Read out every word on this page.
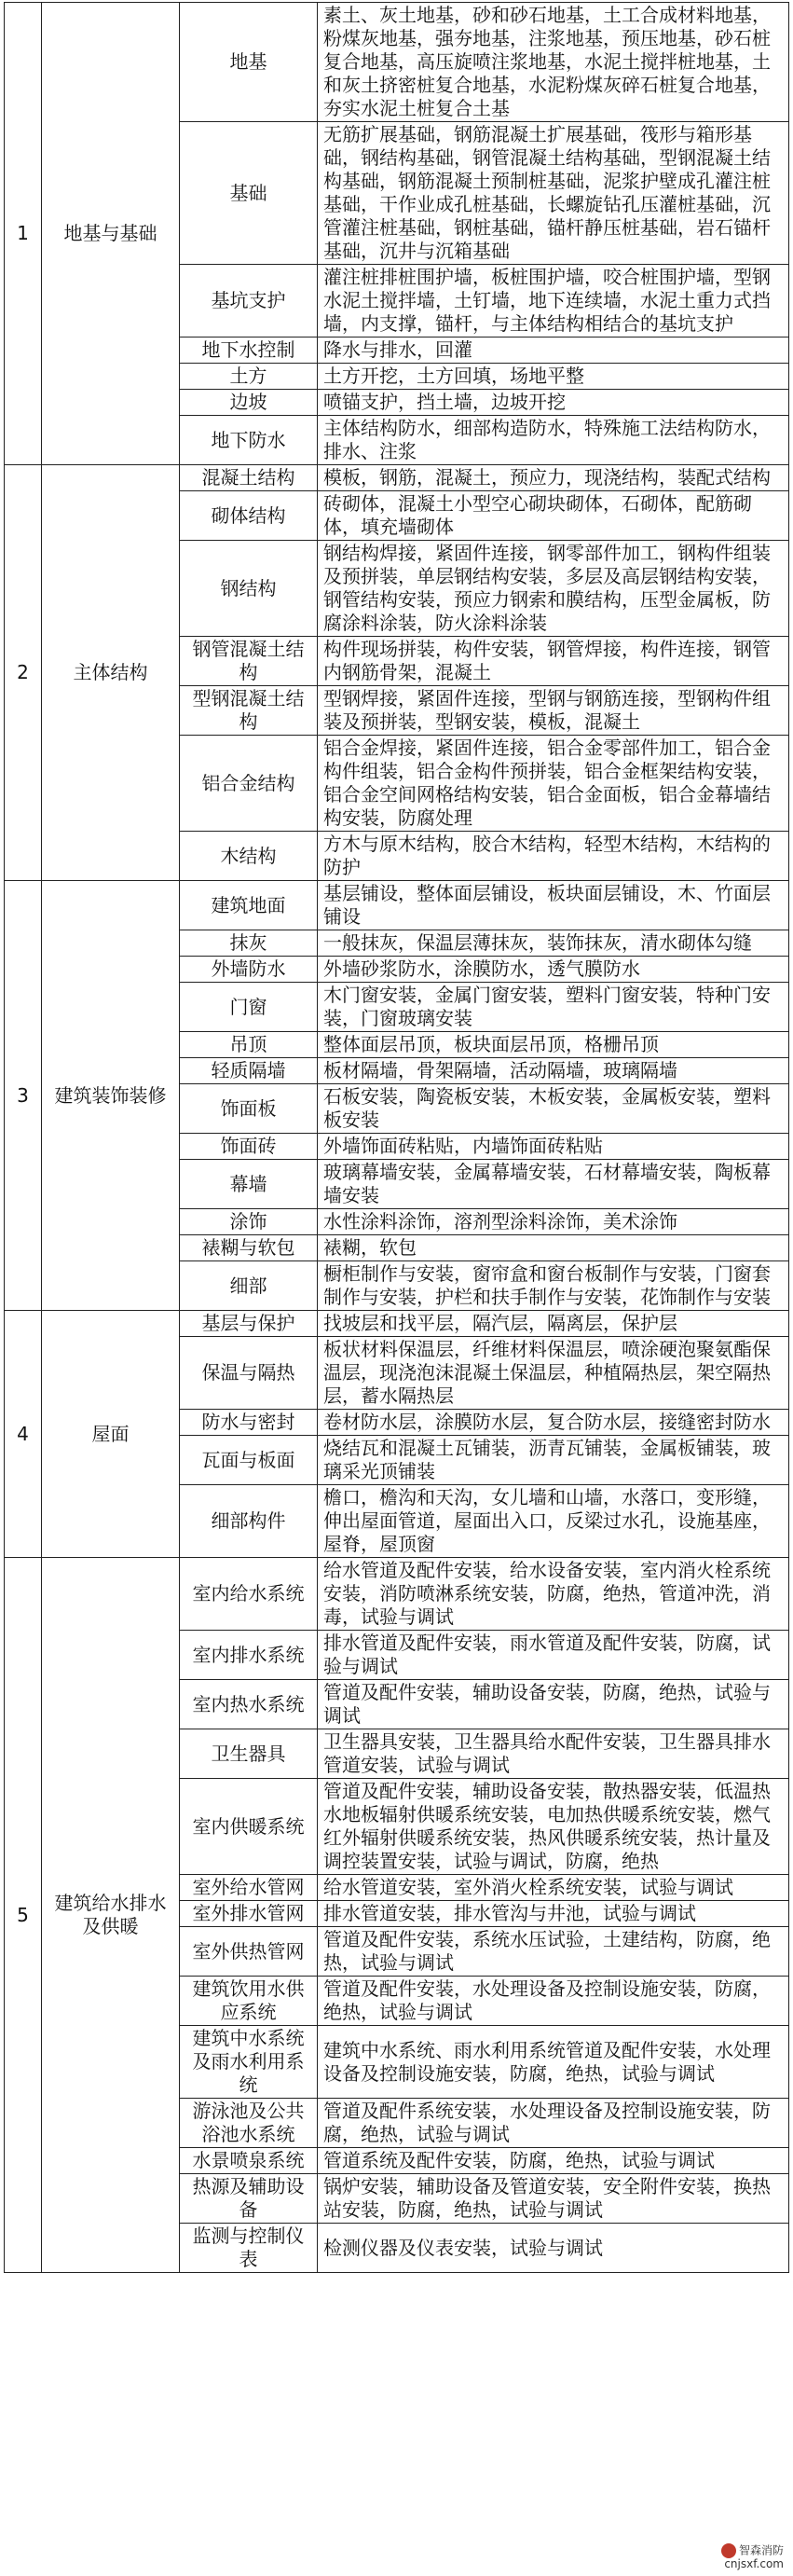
1	地基与基础	地基	素土、灰土地基，砂和砂石地基，土工合成材料地基，粉煤灰地基，强夯地基，注浆地基，预压地基，砂石桩复合地基，高压旋喷注浆地基，水泥土搅拌桩地基，土和灰土挤密桩复合地基，水泥粉煤灰碎石桩复合地基，夯实水泥土桩复合土基
		基础	无筋扩展基础，钢筋混凝土扩展基础，筏形与箱形基础，钢结构基础，钢管混凝土结构基础，型钢混凝土结构基础，钢筋混凝土预制桩基础，泥浆护壁成孔灌注桩基础，干作业成孔桩基础，长螺旋钻孔压灌桩基础，沉管灌注桩基础，钢桩基础，锚杆静压桩基础，岩石锚杆基础，沉井与沉箱基础
		基坑支护	灌注桩排桩围护墙，板桩围护墙，咬合桩围护墙，型钢水泥土搅拌墙，土钉墙，地下连续墙，水泥土重力式挡墙，内支撑，锚杆，与主体结构相结合的基坑支护
		地下水控制	降水与排水，回灌
		土方	土方开挖，土方回填，场地平整
		边坡	喷锚支护，挡土墙，边坡开挖
		地下防水	主体结构防水，细部构造防水，特殊施工法结构防水，排水、注浆
2	主体结构	混凝土结构	模板，钢筋，混凝土，预应力，现浇结构，装配式结构
		砌体结构	砖砌体，混凝土小型空心砌块砌体，石砌体，配筋砌体，填充墙砌体
		钢结构	钢结构焊接，紧固件连接，钢零部件加工，钢构件组装及预拼装，单层钢结构安装，多层及高层钢结构安装，钢管结构安装，预应力钢索和膜结构，压型金属板，防腐涂料涂装，防火涂料涂装
		钢管混凝土结构	构件现场拼装，构件安装，钢管焊接，构件连接，钢管内钢筋骨架，混凝土
		型钢混凝土结构	型钢焊接，紧固件连接，型钢与钢筋连接，型钢构件组装及预拼装，型钢安装，模板，混凝土
		铝合金结构	铝合金焊接，紧固件连接，铝合金零部件加工，铝合金构件组装，铝合金构件预拼装，铝合金框架结构安装，铝合金空间网格结构安装，铝合金面板，铝合金幕墙结构安装，防腐处理
		木结构	方木与原木结构，胶合木结构，轻型木结构，木结构的防护
3	建筑装饰装修	建筑地面	基层铺设，整体面层铺设，板块面层铺设，木、竹面层铺设
		抹灰	一般抹灰，保温层薄抹灰，装饰抹灰，清水砌体勾缝
		外墙防水	外墙砂浆防水，涂膜防水，透气膜防水
		门窗	木门窗安装，金属门窗安装，塑料门窗安装，特种门安装，门窗玻璃安装
		吊顶	整体面层吊顶，板块面层吊顶，格栅吊顶
		轻质隔墙	板材隔墙，骨架隔墙，活动隔墙，玻璃隔墙
		饰面板	石板安装，陶瓷板安装，木板安装，金属板安装，塑料板安装
		饰面砖	外墙饰面砖粘贴，内墙饰面砖粘贴
		幕墙	玻璃幕墙安装，金属幕墙安装，石材幕墙安装，陶板幕墙安装
		涂饰	水性涂料涂饰，溶剂型涂料涂饰，美术涂饰
		裱糊与软包	裱糊，软包
		细部	橱柜制作与安装，窗帘盒和窗台板制作与安装，门窗套制作与安装，护栏和扶手制作与安装，花饰制作与安装
4	屋面	基层与保护	找坡层和找平层，隔汽层，隔离层，保护层
		保温与隔热	板状材料保温层，纤维材料保温层，喷涂硬泡聚氨酯保温层，现浇泡沫混凝土保温层，种植隔热层，架空隔热层，蓄水隔热层
		防水与密封	卷材防水层，涂膜防水层，复合防水层，接缝密封防水
		瓦面与板面	烧结瓦和混凝土瓦铺装，沥青瓦铺装，金属板铺装，玻璃采光顶铺装
		细部构件	檐口，檐沟和天沟，女儿墙和山墙，水落口，变形缝，伸出屋面管道，屋面出入口，反梁过水孔，设施基座，屋脊，屋顶窗
5	建筑给水排水及供暖	室内给水系统	给水管道及配件安装，给水设备安装，室内消火栓系统安装，消防喷淋系统安装，防腐，绝热，管道冲洗，消毒，试验与调试
		室内排水系统	排水管道及配件安装，雨水管道及配件安装，防腐，试验与调试
		室内热水系统	管道及配件安装，辅助设备安装，防腐，绝热，试验与调试
		卫生器具	卫生器具安装，卫生器具给水配件安装，卫生器具排水管道安装，试验与调试
		室内供暖系统	管道及配件安装，辅助设备安装，散热器安装，低温热水地板辐射供暖系统安装，电加热供暖系统安装，燃气红外辐射供暖系统安装，热风供暖系统安装，热计量及调控装置安装，试验与调试，防腐，绝热
		室外给水管网	给水管道安装，室外消火栓系统安装，试验与调试
		室外排水管网	排水管道安装，排水管沟与井池，试验与调试
		室外供热管网	管道及配件安装，系统水压试验，土建结构，防腐，绝热，试验与调试
		建筑饮用水供应系统	管道及配件安装，水处理设备及控制设施安装，防腐，绝热，试验与调试
		建筑中水系统及雨水利用系统	建筑中水系统、雨水利用系统管道及配件安装，水处理设备及控制设施安装，防腐，绝热，试验与调试
		游泳池及公共浴池水系统	管道及配件系统安装，水处理设备及控制设施安装，防腐，绝热，试验与调试
		水景喷泉系统	管道系统及配件安装，防腐，绝热，试验与调试
		热源及辅助设备	锅炉安装，辅助设备及管道安装，安全附件安装，换热站安装，防腐，绝热，试验与调试
		监测与控制仪表	检测仪器及仪表安装，试验与调试
智森消防
cnjsxf.com
